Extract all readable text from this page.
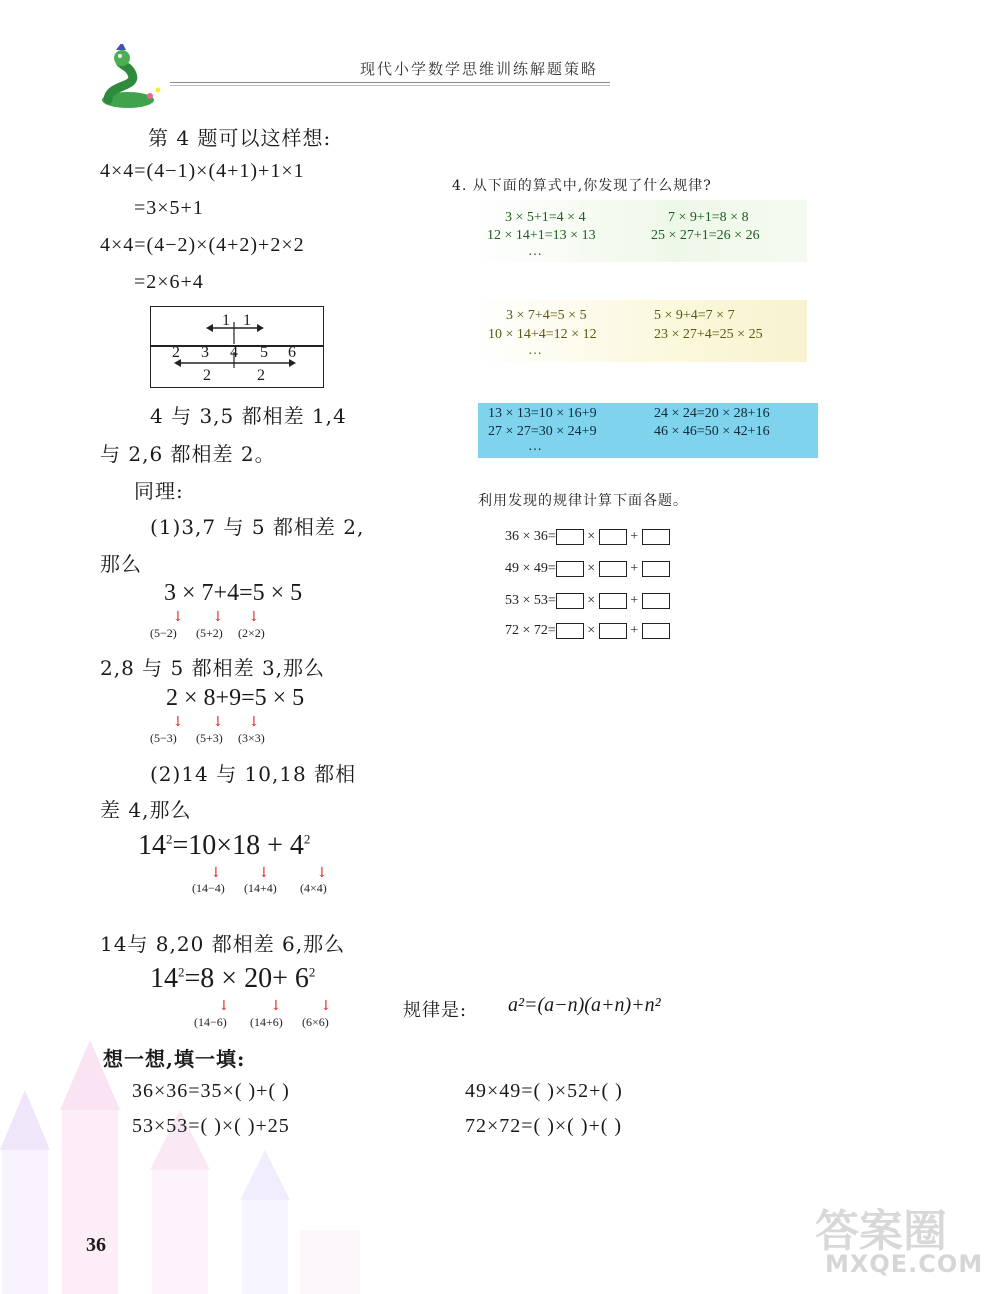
现代小学数学思维训练解题策略
第 4 题可以这样想:
4×4=(4−1)×(4+1)+1×1
=3×5+1
4×4=(4−2)×(4+2)+2×2
=2×6+4
1 1
2 3 4 5 6
2	2
4 与 3,5 都相差 1,4
与 2,6 都相差 2。
同理:
(1)3,7 与 5 都相差 2,
那么
3 × 7+4=5 × 5
↓ ↓ ↓
(5−2) (5+2) (2×2)
2,8 与 5 都相差 3,那么
2 × 8+9=5 × 5
↓ ↓ ↓
(5−3) (5+3) (3×3)
(2)14 与 10,18 都相
差 4,那么
$14^2=10\times 18 + 4^2$
↓	↓	↓
(14−4) (14+4) (4×4)
14与 8,20 都相差 6,那么
$14^2=8 \times 20+ 6^2$
↓	↓	↓
(14−6) (14+6) (6×6)
4. 从下面的算式中,你发现了什么规律?
3 × 5+1=4 × 4	7 × 9+1=8 × 8
12 × 14+1=13 × 13	25 × 27+1=26 × 26
…
3 × 7+4=5 × 5	5 × 9+4=7 × 7
10 × 14+4=12 × 12	23 × 27+4=25 × 25
…
13 × 13=10 × 16+9	24 × 24=20 × 28+16
27 × 27=30 × 24+9	46 × 46=50 × 42+16
…
利用发现的规律计算下面各题。
36 × 36= ×	+
49 × 49= ×	+
53 × 53= ×	+
72 × 72= ×	+
规律是: a²=(a−n)(a+n)+n²
想一想,填一填:
36×36=35×( )+( )	49×49=( )×52+( )
53×53=( )×( )+25	72×72=( )×( )+( )
36	答案圈
MXQE.COM
